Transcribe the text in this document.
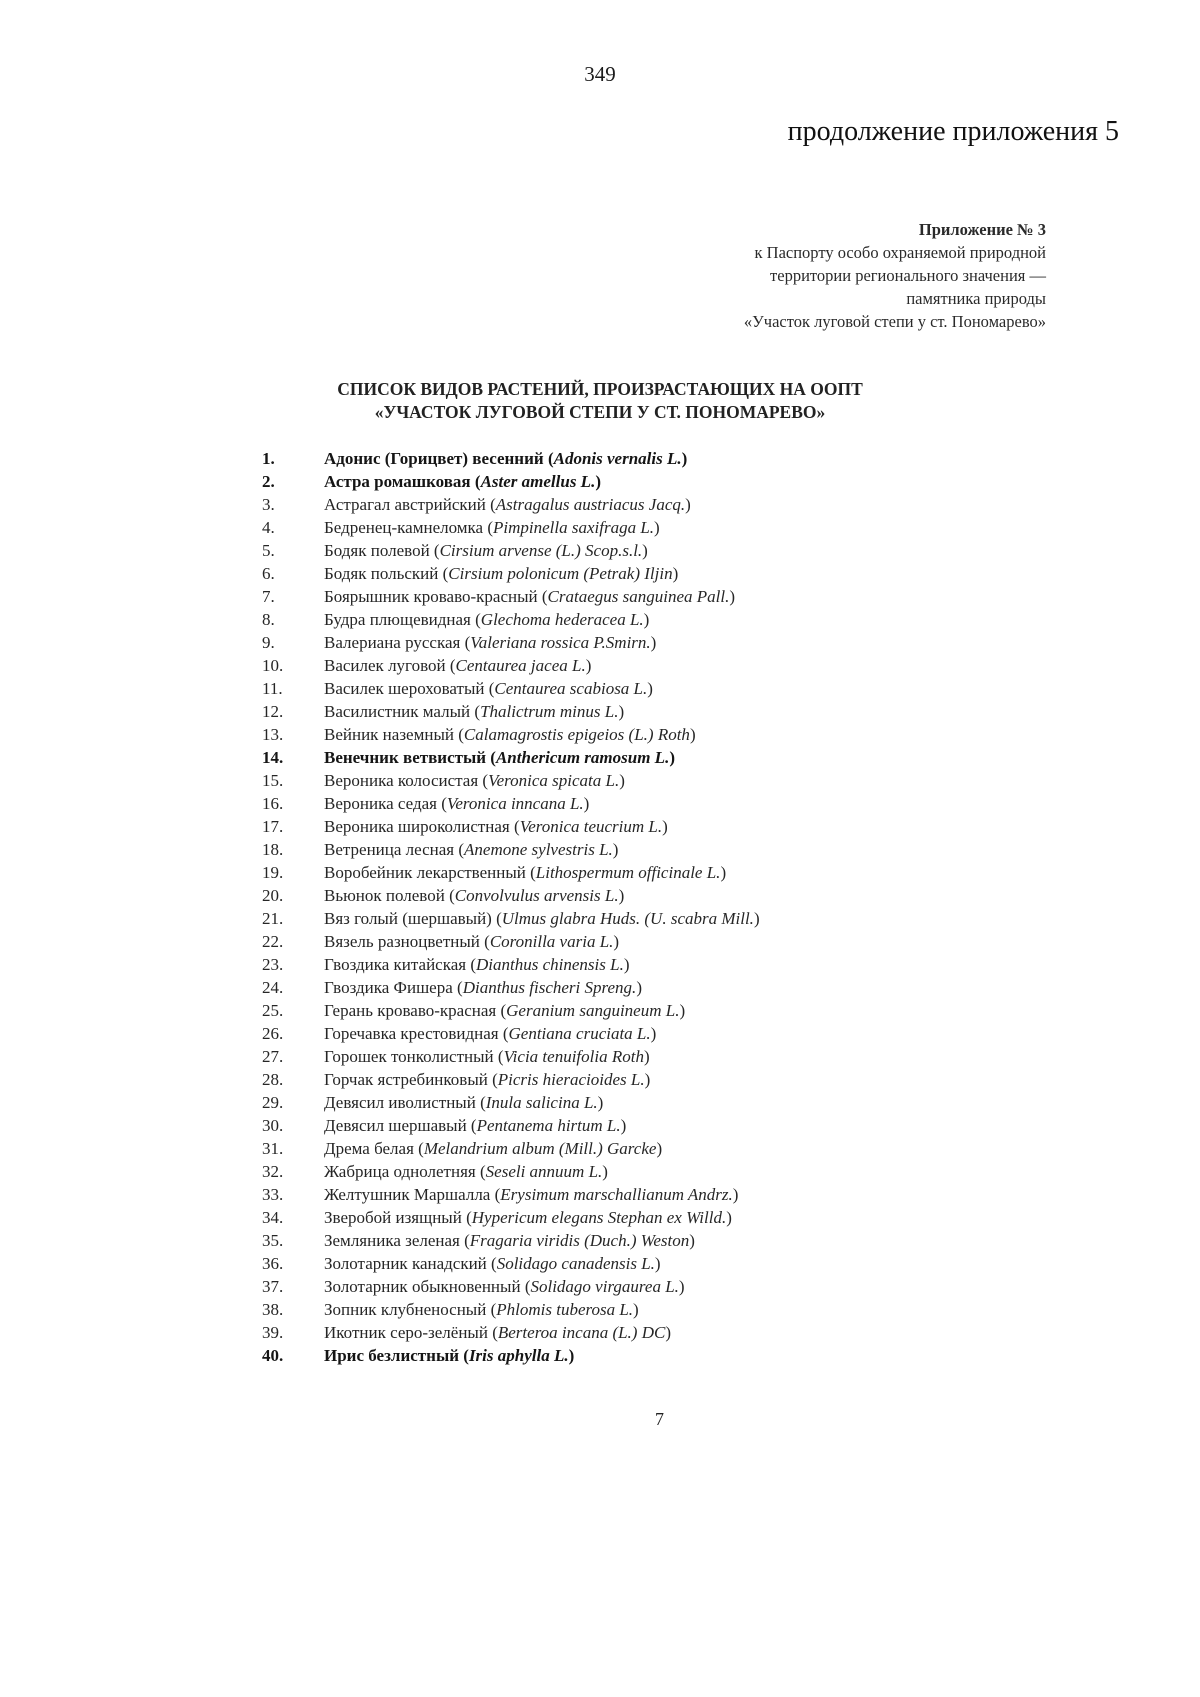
349
продолжение приложения 5
Приложение № 3
к Паспорту особо охраняемой природной
территории регионального значения —
памятника природы
«Участок луговой степи у ст. Пономарево»
СПИСОК ВИДОВ РАСТЕНИЙ, ПРОИЗРАСТАЮЩИХ НА ООПТ
«УЧАСТОК ЛУГОВОЙ СТЕПИ У СТ. ПОНОМАРЕВО»
1.	Адонис (Горицвет) весенний (Adonis vernalis L.)
2.	Астра ромашковая (Aster amellus L.)
3.	Астрагал австрийский (Astragalus austriacus Jacq.)
4.	Бедренец-камнеломка (Pimpinella saxifraga L.)
5.	Бодяк полевой (Cirsium arvense (L.) Scop.s.l.)
6.	Бодяк польский (Cirsium polonicum (Petrak) Iljin)
7.	Боярышник кроваво-красный (Crataegus sanguinea Pall.)
8.	Будра плющевидная (Glechoma hederacea L.)
9.	Валериана русская (Valeriana rossica P.Smirn.)
10.	Василек луговой (Centaurea jacea L.)
11.	Василек шероховатый (Centaurea scabiosa L.)
12.	Василистник малый (Thalictrum minus L.)
13.	Вейник наземный (Calamagrostis epigeios (L.) Roth)
14.	Венечник ветвистый (Anthericum ramosum L.)
15.	Вероника колосистая (Veronica spicata L.)
16.	Вероника седая (Veronica inncana L.)
17.	Вероника широколистная (Veronica teucrium L.)
18.	Ветреница лесная (Anemone sylvestris L.)
19.	Воробейник лекарственный (Lithospermum officinale L.)
20.	Вьюнок полевой (Convolvulus arvensis L.)
21.	Вяз голый (шершавый) (Ulmus glabra Huds. (U. scabra Mill.)
22.	Вязель разноцветный (Coronilla varia L.)
23.	Гвоздика китайская (Dianthus chinensis L.)
24.	Гвоздика Фишера (Dianthus fischeri Spreng.)
25.	Герань кроваво-красная (Geranium sanguineum L.)
26.	Горечавка крестовидная (Gentiana cruciata L.)
27.	Горошек тонколистный (Vicia tenuifolia Roth)
28.	Горчак ястребинковый (Picris hieracioides L.)
29.	Девясил иволистный (Inula salicina L.)
30.	Девясил шершавый (Pentanema hirtum L.)
31.	Дрема белая (Melandrium album (Mill.) Garcke)
32.	Жабрица однолетняя (Seseli annuum L.)
33.	Желтушник Маршалла (Erysimum marschallianum Andrz.)
34.	Зверобой изящный (Hypericum elegans Stephan ex Willd.)
35.	Земляника зеленая (Fragaria viridis (Duch.) Weston)
36.	Золотарник канадский (Solidago canadensis L.)
37.	Золотарник обыкновенный (Solidago virgaurea L.)
38.	Зопник клубненосный (Phlomis tuberosa L.)
39.	Икотник серо-зелёный (Berteroa incana (L.) DC)
40.	Ирис безлистный (Iris aphylla L.)
7
